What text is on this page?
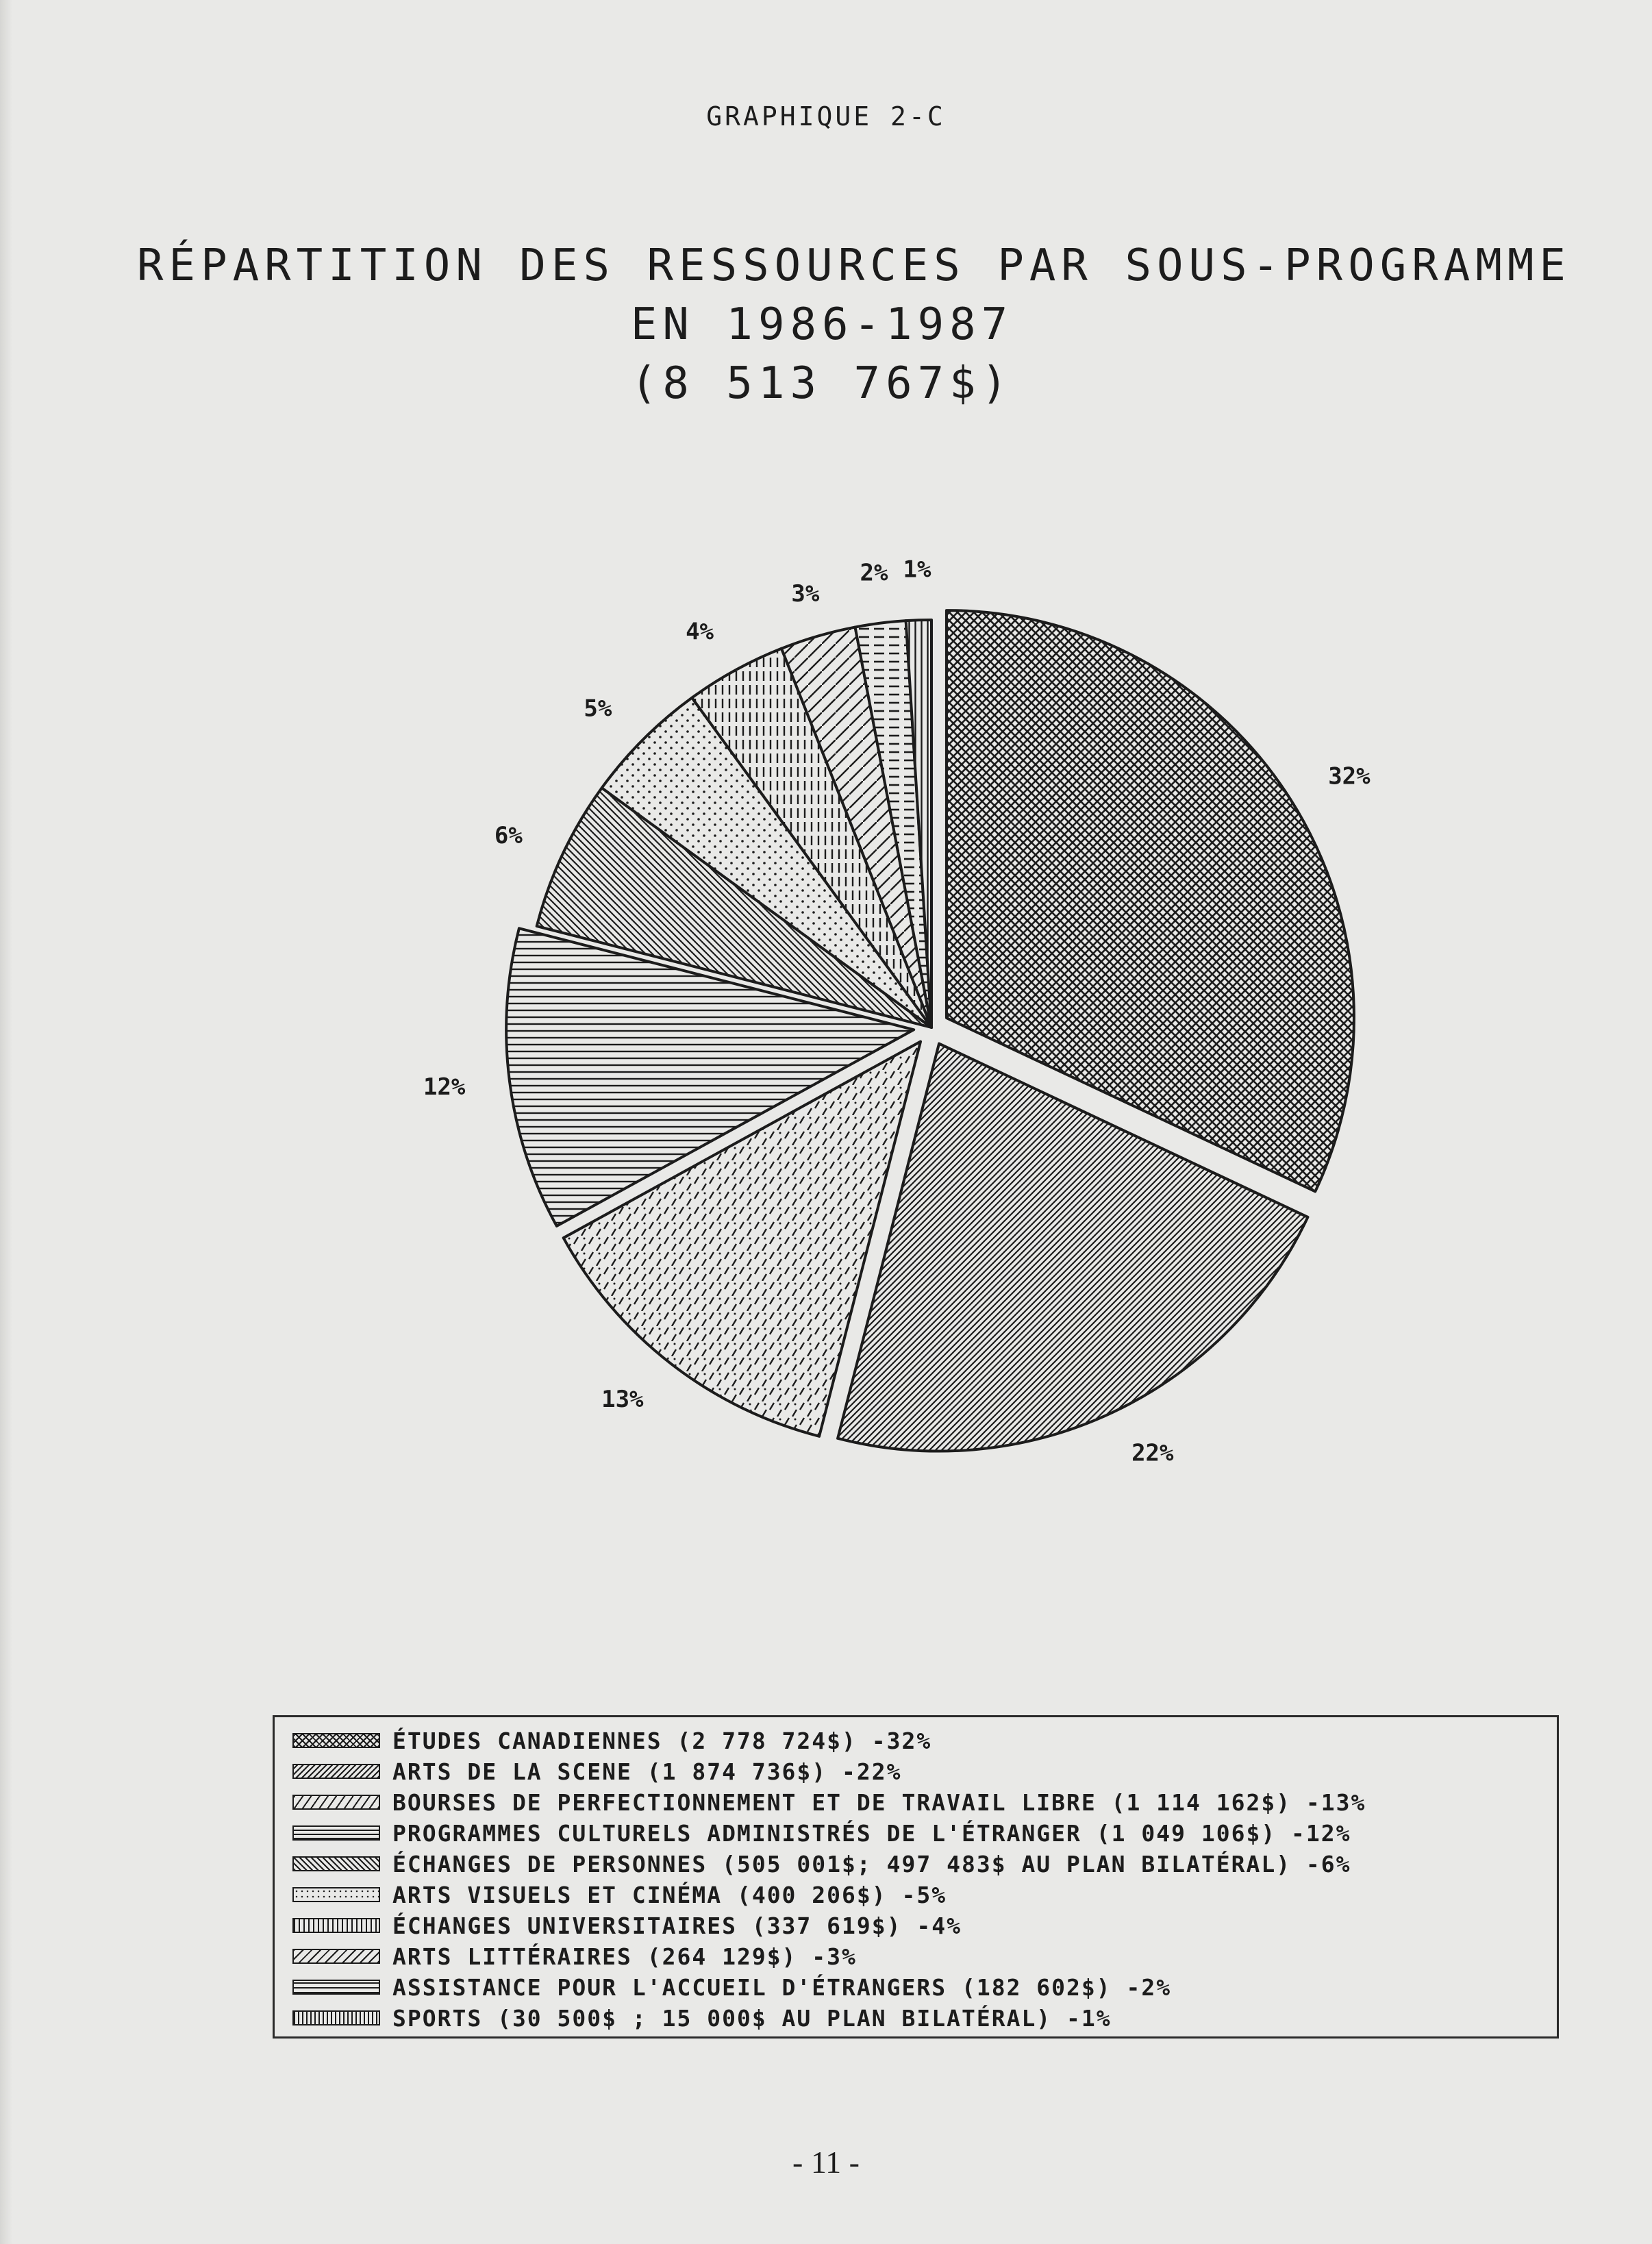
GRAPHIQUE 2-C
RÉPARTITION DES RESSOURCES PAR SOUS-PROGRAMME
EN 1986-1987
(8 513 767$)
32%
22%
13%
12%
6%
5%
4%
3%
2% 1%
ÉTUDES CANADIENNES (2 778 724$) -32%
ARTS DE LA SCENE (1 874 736$) -22%
BOURSES DE PERFECTIONNEMENT ET DE TRAVAIL LIBRE (1 114 162$) -13%
PROGRAMMES CULTURELS ADMINISTRÉS DE L'ÉTRANGER (1 049 106$) -12%
ÉCHANGES DE PERSONNES (505 001$; 497 483$ AU PLAN BILATÉRAL) -6%
ARTS VISUELS ET CINÉMA (400 206$) -5%
ÉCHANGES UNIVERSITAIRES (337 619$) -4%
ARTS LITTÉRAIRES (264 129$) -3%
ASSISTANCE POUR L'ACCUEIL D'ÉTRANGERS (182 602$) -2%
SPORTS (30 500$ ; 15 000$ AU PLAN BILATÉRAL) -1%
- 11 -
